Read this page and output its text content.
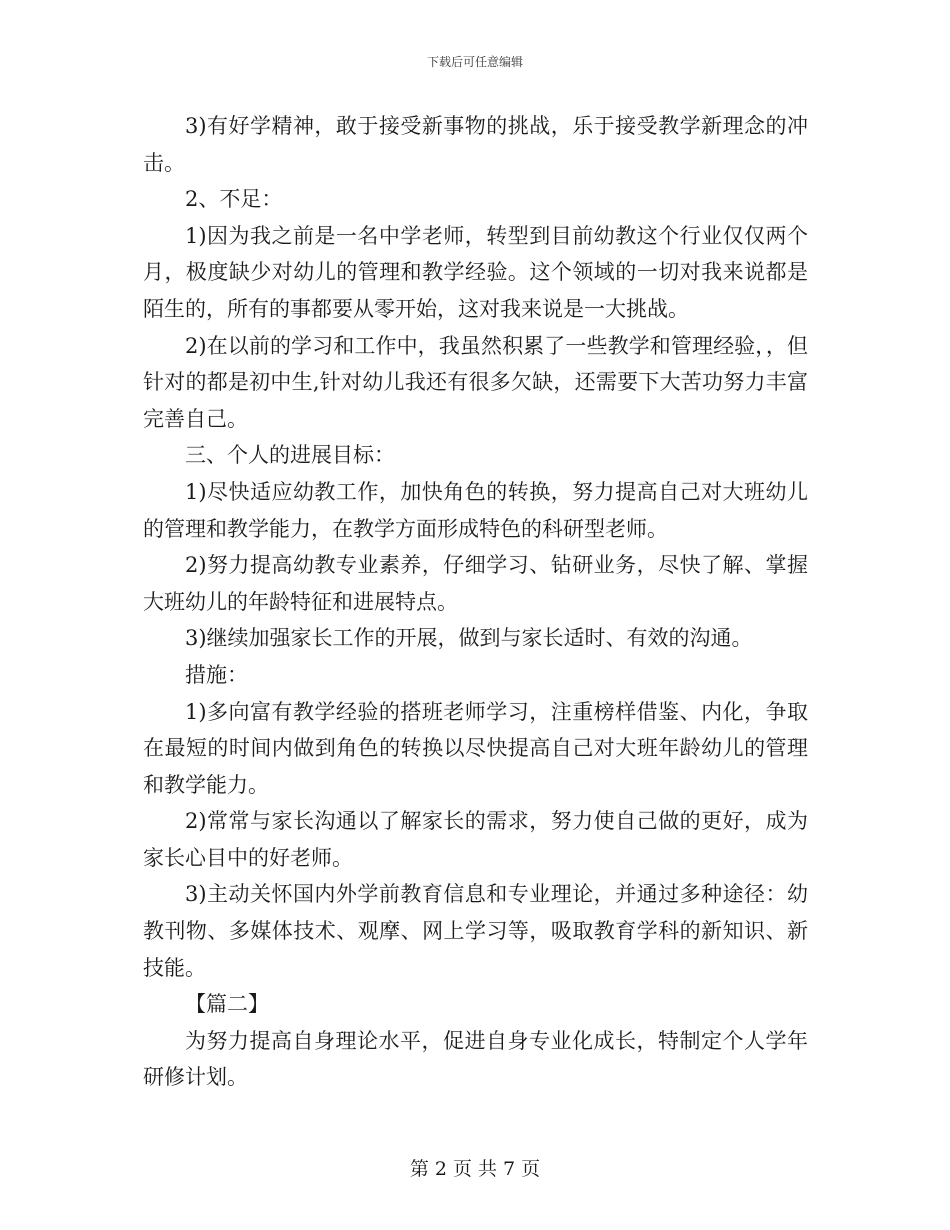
下载后可任意编辑

3)有好学精神，敢于接受新事物的挑战，乐于接受教学新理念的冲击。

2、不足：

1)因为我之前是一名中学老师，转型到目前幼教这个行业仅仅两个月，极度缺少对幼儿的管理和教学经验。这个领域的一切对我来说都是陌生的，所有的事都要从零开始，这对我来说是一大挑战。

2)在以前的学习和工作中，我虽然积累了一些教学和管理经验，，但针对的都是初中生,针对幼儿我还有很多欠缺，还需要下大苦功努力丰富完善自己。

三、个人的进展目标：

1)尽快适应幼教工作，加快角色的转换，努力提高自己对大班幼儿的管理和教学能力，在教学方面形成特色的科研型老师。

2)努力提高幼教专业素养，仔细学习、钻研业务，尽快了解、掌握大班幼儿的年龄特征和进展特点。

3)继续加强家长工作的开展，做到与家长适时、有效的沟通。

措施：

1)多向富有教学经验的搭班老师学习，注重榜样借鉴、内化，争取在最短的时间内做到角色的转换以尽快提高自己对大班年龄幼儿的管理和教学能力。

2)常常与家长沟通以了解家长的需求，努力使自己做的更好，成为家长心目中的好老师。

3)主动关怀国内外学前教育信息和专业理论，并通过多种途径：幼教刊物、多媒体技术、观摩、网上学习等，吸取教育学科的新知识、新技能。

【篇二】

为努力提高自身理论水平，促进自身专业化成长，特制定个人学年研修计划。

第 2 页 共 7 页
